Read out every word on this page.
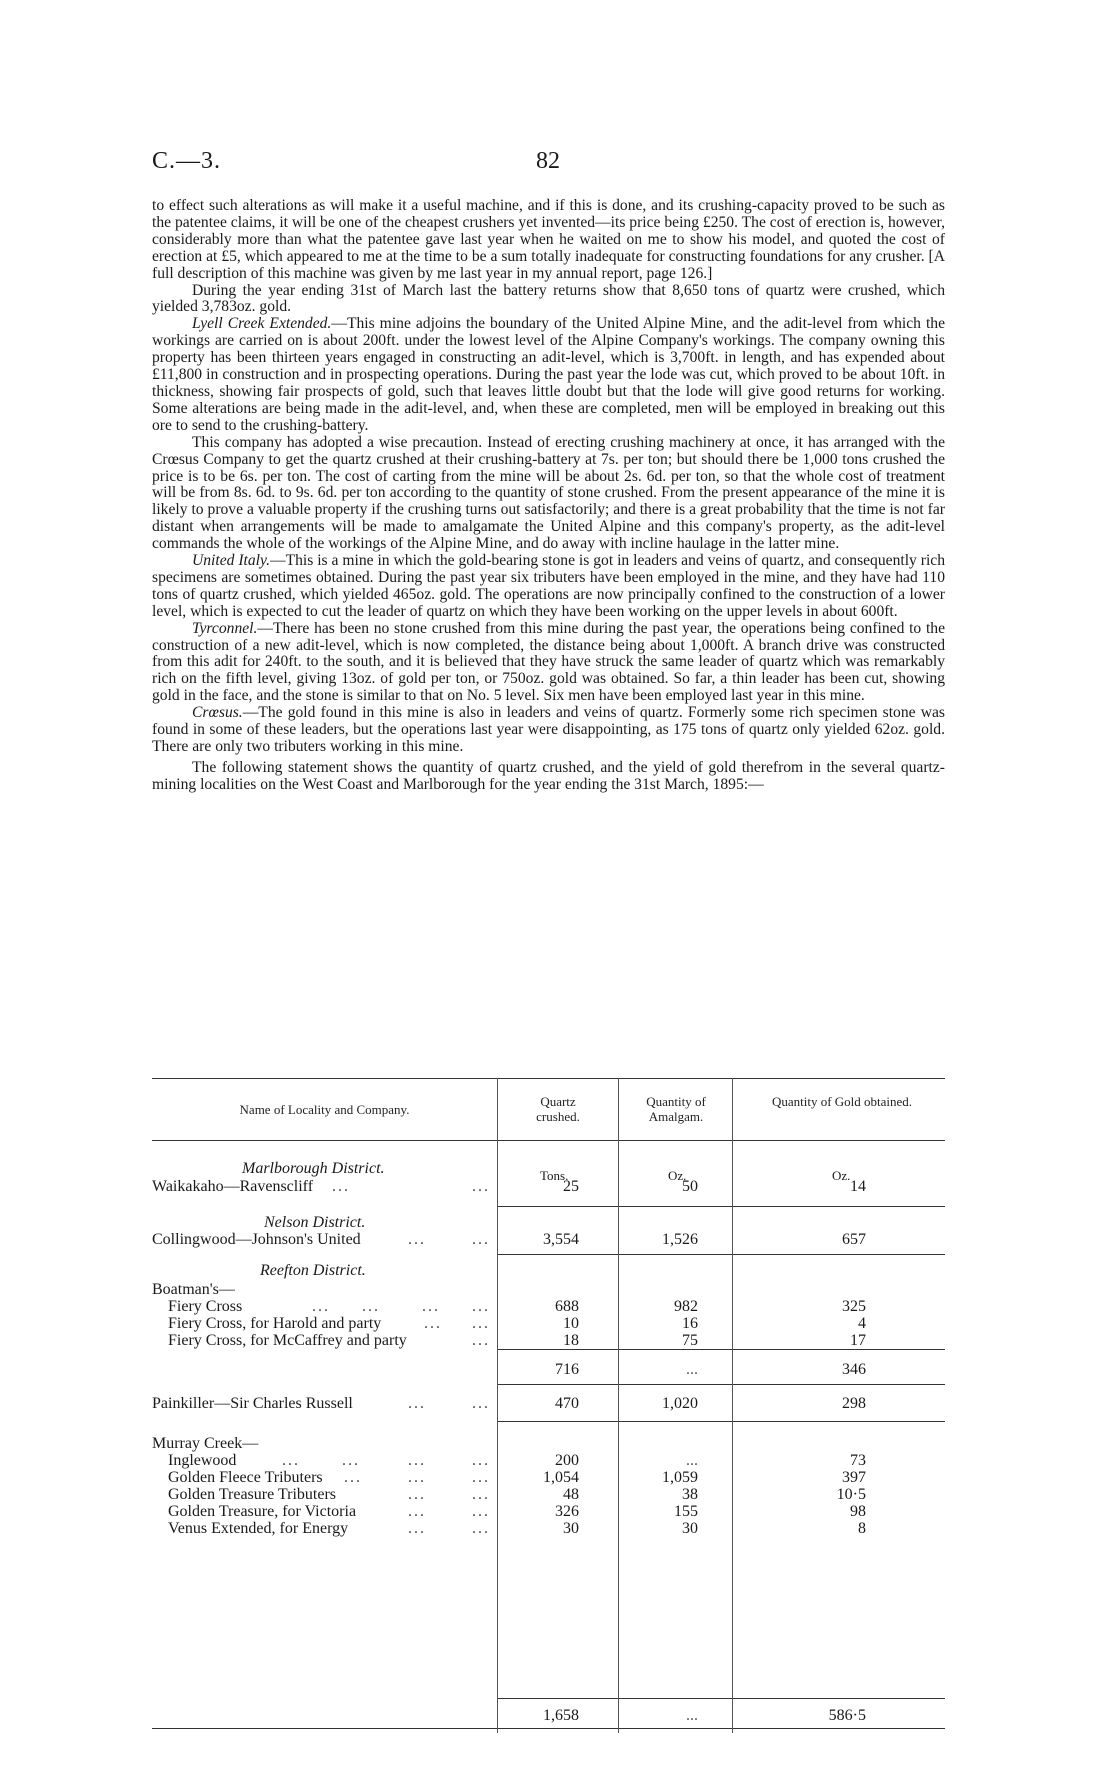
C.—3.	82

to effect such alterations as will make it a useful machine, and if this is done, and its crushing-capacity proved to be such as the patentee claims, it will be one of the cheapest crushers yet invented—its price being £250. The cost of erection is, however, considerably more than what the patentee gave last year when he waited on me to show his model, and quoted the cost of erection at £5, which appeared to me at the time to be a sum totally inadequate for constructing foundations for any crusher. [A full description of this machine was given by me last year in my annual report, page 126.]

During the year ending 31st of March last the battery returns show that 8,650 tons of quartz were crushed, which yielded 3,783oz. gold.

Lyell Creek Extended.—This mine adjoins the boundary of the United Alpine Mine, and the adit-level from which the workings are carried on is about 200ft. under the lowest level of the Alpine Company's workings. The company owning this property has been thirteen years engaged in constructing an adit-level, which is 3,700ft. in length, and has expended about £11,800 in construction and in prospecting operations. During the past year the lode was cut, which proved to be about 10ft. in thickness, showing fair prospects of gold, such that leaves little doubt but that the lode will give good returns for working. Some alterations are being made in the adit-level, and, when these are completed, men will be employed in breaking out this ore to send to the crushing-battery.

This company has adopted a wise precaution. Instead of erecting crushing machinery at once, it has arranged with the Crœsus Company to get the quartz crushed at their crushing-battery at 7s. per ton; but should there be 1,000 tons crushed the price is to be 6s. per ton. The cost of carting from the mine will be about 2s. 6d. per ton, so that the whole cost of treatment will be from 8s. 6d. to 9s. 6d. per ton according to the quantity of stone crushed. From the present appearance of the mine it is likely to prove a valuable property if the crushing turns out satisfactorily; and there is a great probability that the time is not far distant when arrangements will be made to amalgamate the United Alpine and this company's property, as the adit-level commands the whole of the workings of the Alpine Mine, and do away with incline haulage in the latter mine.

United Italy.—This is a mine in which the gold-bearing stone is got in leaders and veins of quartz, and consequently rich specimens are sometimes obtained. During the past year six tributers have been employed in the mine, and they have had 110 tons of quartz crushed, which yielded 465oz. gold. The operations are now principally confined to the construction of a lower level, which is expected to cut the leader of quartz on which they have been working on the upper levels in about 600ft.

Tyrconnel.—There has been no stone crushed from this mine during the past year, the operations being confined to the construction of a new adit-level, which is now completed, the distance being about 1,000ft. A branch drive was constructed from this adit for 240ft. to the south, and it is believed that they have struck the same leader of quartz which was remarkably rich on the fifth level, giving 13oz. of gold per ton, or 750oz. gold was obtained. So far, a thin leader has been cut, showing gold in the face, and the stone is similar to that on No. 5 level. Six men have been employed last year in this mine.

Crœsus.—The gold found in this mine is also in leaders and veins of quartz. Formerly some rich specimen stone was found in some of these leaders, but the operations last year were disappointing, as 175 tons of quartz only yielded 62oz. gold. There are only two tributers working in this mine.

The following statement shows the quantity of quartz crushed, and the yield of gold therefrom in the several quartz-mining localities on the West Coast and Marlborough for the year ending the 31st March, 1895:—

Name of Locality and Company.
Quartz crushed.
Quantity of Amalgam.
Quantity of Gold obtained.
Marlborough District.	Tons.	Oz.	Oz.
Waikakaho—Ravenscliff ...	...	25	50	14
Nelson District.
Collingwood—Johnson's United	...	...	3,554	1,526	657
Reefton District.
Boatman's—
Fiery Cross	... ...	... ...	688	982	325
Fiery Cross, for Harold and party	... ...	10	16	4
Fiery Cross, for McCaffrey and party	...	18	75	17
716	...	346
Painkiller—Sir Charles Russell	...	...	470	1,020	298
Murray Creek—
Inglewood	...	...	...	...	200	...	73
Golden Fleece Tributers ...	...	...	1,054	1,059	397
Golden Treasure Tributers	...	...	48	38	10·5
Golden Treasure, for Victoria	...	...	326	155	98
Venus Extended, for Energy	...	...	30	30	8
1,658	...	586·5
